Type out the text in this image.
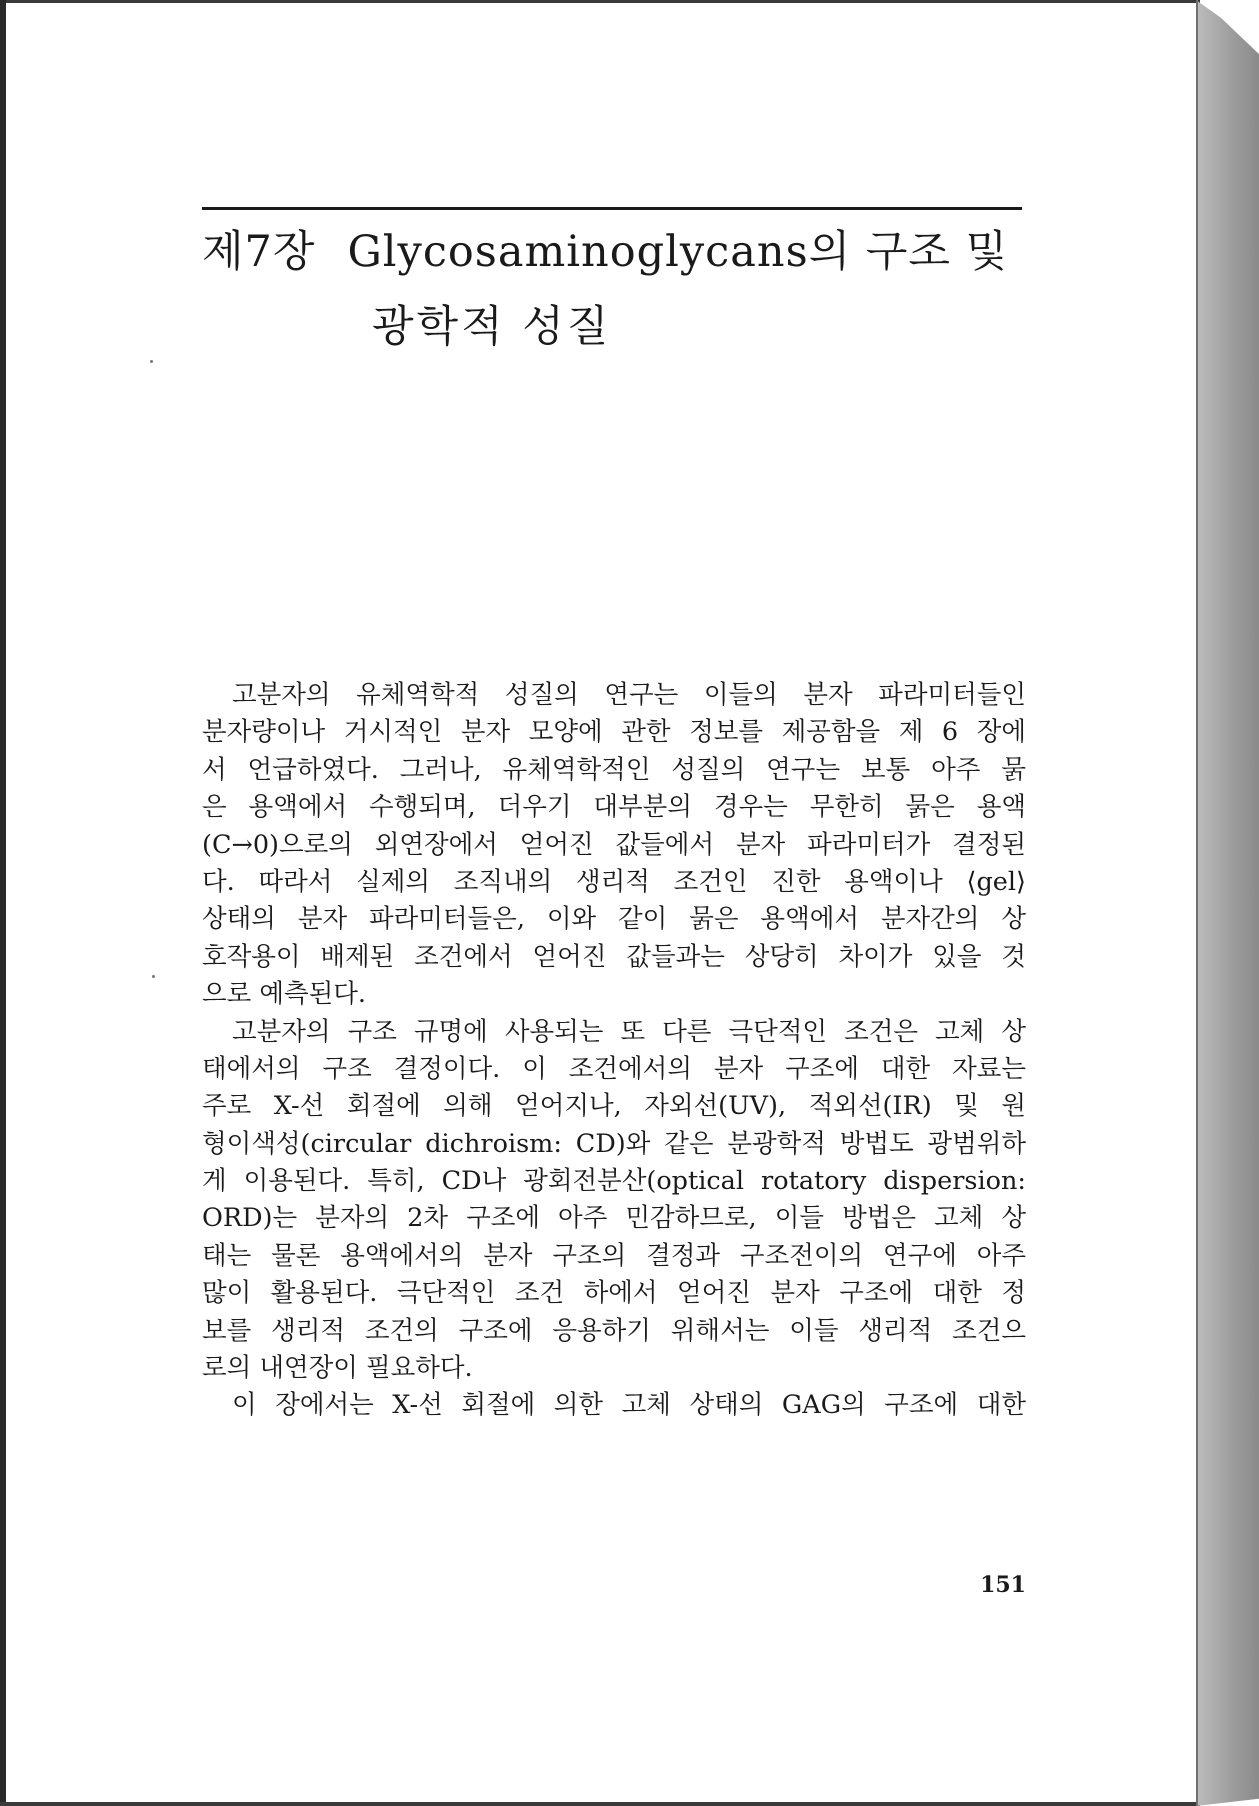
제7장 Glycosaminoglycans의 구조 및
광학적 성질
고분자의 유체역학적 성질의 연구는 이들의 분자 파라미터들인
분자량이나 거시적인 분자 모양에 관한 정보를 제공함을 제 6 장에
서 언급하였다. 그러나, 유체역학적인 성질의 연구는 보통 아주 묽
은 용액에서 수행되며, 더우기 대부분의 경우는 무한히 묽은 용액
(C→0)으로의 외연장에서 얻어진 값들에서 분자 파라미터가 결정된
다. 따라서 실제의 조직내의 생리적 조건인 진한 용액이나 ⟨gel⟩
상태의 분자 파라미터들은, 이와 같이 묽은 용액에서 분자간의 상
호작용이 배제된 조건에서 얻어진 값들과는 상당히 차이가 있을 것
으로 예측된다.
고분자의 구조 규명에 사용되는 또 다른 극단적인 조건은 고체 상
태에서의 구조 결정이다. 이 조건에서의 분자 구조에 대한 자료는
주로 X-선 회절에 의해 얻어지나, 자외선(UV), 적외선(IR) 및 원
형이색성(circular dichroism: CD)와 같은 분광학적 방법도 광범위하
게 이용된다. 특히, CD나 광회전분산(optical rotatory dispersion:
ORD)는 분자의 2차 구조에 아주 민감하므로, 이들 방법은 고체 상
태는 물론 용액에서의 분자 구조의 결정과 구조전이의 연구에 아주
많이 활용된다. 극단적인 조건 하에서 얻어진 분자 구조에 대한 정
보를 생리적 조건의 구조에 응용하기 위해서는 이들 생리적 조건으
로의 내연장이 필요하다.
이 장에서는 X-선 회절에 의한 고체 상태의 GAG의 구조에 대한
151
